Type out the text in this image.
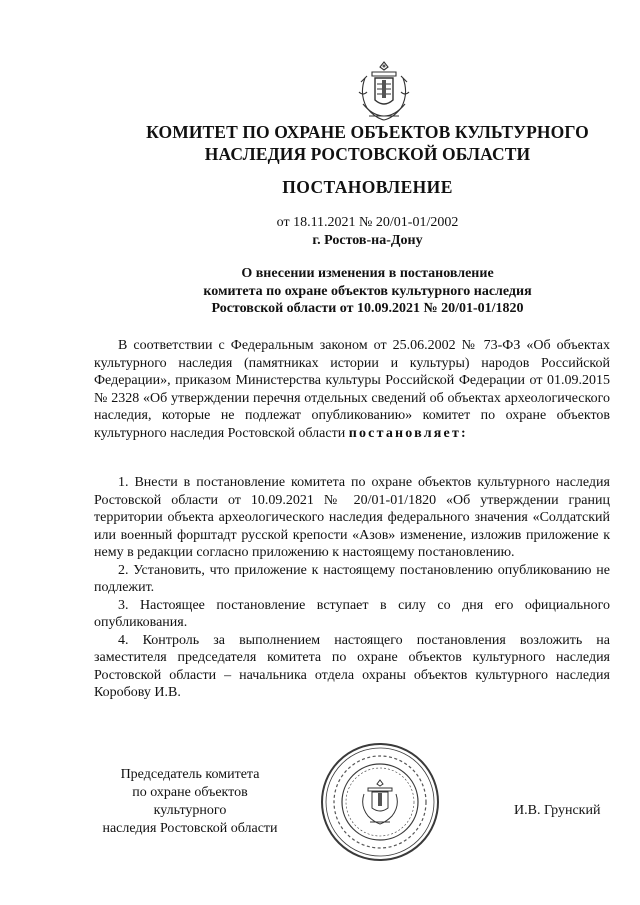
КОМИТЕТ ПО ОХРАНЕ ОБЪЕКТОВ КУЛЬТУРНОГО
НАСЛЕДИЯ РОСТОВСКОЙ ОБЛАСТИ
ПОСТАНОВЛЕНИЕ
от 18.11.2021 № 20/01-01/2002
г. Ростов-на-Дону
О внесении изменения в постановление
комитета по охране объектов культурного наследия
Ростовской области от 10.09.2021 № 20/01-01/1820

В соответствии с Федеральным законом от 25.06.2002 № 73-ФЗ «Об объектах культурного наследия (памятниках истории и культуры) народов Российской Федерации», приказом Министерства культуры Российской Федерации от 01.09.2015 № 2328 «Об утверждении перечня отдельных сведений об объектах археологического наследия, которые не подлежат опубликованию» комитет по охране объектов культурного наследия Ростовской области постановляет:

1. Внести в постановление комитета по охране объектов культурного наследия Ростовской области от 10.09.2021 № 20/01-01/1820 «Об утверждении границ территории объекта археологического наследия федерального значения «Солдатский или военный форштадт русской крепости «Азов» изменение, изложив приложение к нему в редакции согласно приложению к настоящему постановлению.

2. Установить, что приложение к настоящему постановлению опубликованию не подлежит.

3. Настоящее постановление вступает в силу со дня его официального опубликования.

4. Контроль за выполнением настоящего постановления возложить на заместителя председателя комитета по охране объектов культурного наследия Ростовской области – начальника отдела охраны объектов культурного наследия Коробову И.В.

Председатель комитета
по охране объектов культурного
наследия Ростовской области
И.В. Грунский
